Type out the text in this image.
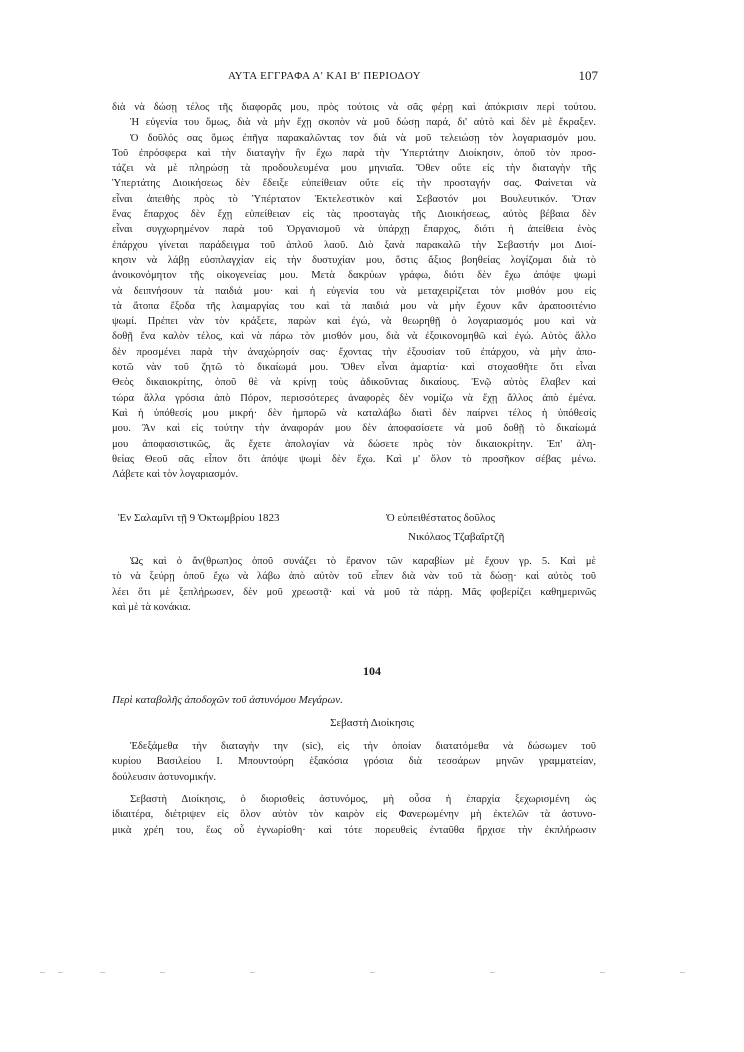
ΑΥΤΑ ΕΓΓΡΑΦΑ Α' ΚΑΙ Β' ΠΕΡΙΟΔΟΥ	107
διὰ νὰ δώσῃ τέλος τῆς διαφορᾶς μου, πρὸς τούτοις νὰ σᾶς φέρῃ καὶ ἀπόκρισιν περὶ τούτου.
Ἡ εὐγενία του ὅμως, διὰ νὰ μὴν ἔχῃ σκοπὸν νὰ μοῦ δώσῃ παρά, δι' αὐτὸ καὶ δὲν μὲ ἔκραξεν.
Ὁ δοῦλός σας ὅμως ἐπῆγα παρακαλῶντας τον διὰ νὰ μοῦ τελειώσῃ τὸν λογαριασμόν μου.
Τοῦ ἐπρόσφερα καὶ τὴν διαταγὴν ἣν ἔχω παρὰ τὴν Ὑπερτάτην Διοίκησιν, ὁποῦ τὸν προσ-
τάζει νὰ μὲ πληρώσῃ τὰ προδουλευμένα μου μηνιαῖα. Ὅθεν οὔτε εἰς τὴν διαταγὴν τῆς
Ὑπερτάτης Διοικήσεως δὲν ἔδειξε εὐπείθειαν οὔτε εἰς τὴν προσταγήν σας. Φαίνεται νὰ
εἶναι ἀπειθὴς πρὸς τὸ Ὑπέρτατον Ἐκτελεστικὸν καὶ Σεβαστόν μοι Βουλευτικόν. Ὅταν
ἕνας ἔπαρχος δὲν ἔχῃ εὐπείθειαν εἰς τὰς προσταγὰς τῆς Διοικήσεως, αὐτὸς βέβαια δὲν
εἶναι συγχωρημένον παρὰ τοῦ Ὀργανισμοῦ νὰ ὑπάρχῃ ἔπαρχος, διότι ἡ ἀπείθεια ἑνὸς
ἐπάρχου γίνεται παράδειγμα τοῦ ἁπλοῦ λαοῦ. Διὸ ξανὰ παρακαλῶ τὴν Σεβαστήν μοι Διοί-
κησιν νὰ λάβῃ εὐσπλαγχίαν εἰς τὴν δυστυχίαν μου, ὅστις ἄξιος βοηθείας λογίζομαι διὰ τὸ
ἀνοικονόμητον τῆς οἰκογενείας μου. Μετὰ δακρύων γράφω, διότι δὲν ἔχω ἀπόψε ψωμὶ
νὰ δειπνήσουν τὰ παιδιά μου· καὶ ἡ εὐγενία του νὰ μεταχειρίζεται τὸν μισθόν μου εἰς
τὰ ἄτοπα ἔξοδα τῆς λαιμαργίας του καὶ τὰ παιδιά μου νὰ μὴν ἔχουν κἂν ἀραποσιτένιο
ψωμί. Πρέπει νὰν τὸν κράξετε, παρὼν καὶ ἐγώ, νὰ θεωρηθῇ ὁ λογαριασμός μου καὶ νὰ
δοθῇ ἕνα καλὸν τέλος, καὶ νὰ πάρω τὸν μισθόν μου, διὰ νὰ ἐξοικονομηθῶ καὶ ἐγώ. Αὐτὸς ἄλλο
δὲν προσμένει παρὰ τὴν ἀναχώρησίν σας· ἔχοντας τὴν ἐξουσίαν τοῦ ἐπάρχου, νὰ μὴν ἀπο-
κοτῶ νὰν τοῦ ζητῶ τὸ δικαίωμά μου. Ὅθεν εἶναι ἁμαρτία· καὶ στοχασθῆτε ὅτι εἶναι
Θεὸς δικαιοκρίτης, ὁποῦ θὲ νὰ κρίνῃ τοὺς ἀδικοῦντας δικαίους. Ἐνῷ αὐτὸς ἔλαβεν καὶ
τώρα ἄλλα γρόσια ἀπὸ Πόρον, περισσότερες ἀναφορὲς δὲν νομίζω νὰ ἔχῃ ἄλλος ἀπὸ ἐμένα.
Καὶ ἡ ὑπόθεσίς μου μικρή· δὲν ἠμπορῶ νὰ καταλάβω διατὶ δὲν παίρνει τέλος ἡ ὑπόθεσίς
μου. Ἂν καὶ εἰς τούτην τὴν ἀναφοράν μου δὲν ἀποφασίσετε νὰ μοῦ δοθῇ τὸ δικαίωμά
μου ἀποφασιστικῶς, ἂς ἔχετε ἀπολογίαν νὰ δώσετε πρὸς τὸν δικαιοκρίτην. Ἐπ' ἀλη-
θείας Θεοῦ σᾶς εἶπον ὅτι ἀπόψε ψωμὶ δὲν ἔχω. Καὶ μ' ὅλον τὸ προσῆκον σέβας μένω.
Λάβετε καὶ τὸν λογαριασμόν.
Ἐν Σαλαμῖνι τῇ 9 Ὀκτωμβρίου 1823	Ὁ εὐπειθέστατος δοῦλος
Νικόλαος Τζαβαΐρτζῆ
Ὡς καὶ ὁ ἄν(θρωπ)ος ὁποῦ συνάζει τὸ ἔρανον τῶν καραβίων μὲ ἔχουν γρ. 5. Καὶ μὲ
τὸ νὰ ξεύρῃ ὁποῦ ἔχω νὰ λάβω ἀπὸ αὐτὸν τοῦ εἶπεν διὰ νὰν τοῦ τὰ δώσῃ· καὶ αὐτὸς τοῦ
λέει ὅτι μὲ ξεπλήρωσεν, δὲν μοῦ χρεωστᾷ· καὶ νὰ μοῦ τὰ πάρῃ. Μᾶς φοβερίζει καθημερινῶς
καὶ μὲ τὰ κονάκια.
104
Περὶ καταβολῆς ἀποδοχῶν τοῦ ἀστυνόμου Μεγάρων.
Σεβαστὴ Διοίκησις
Ἐδεξάμεθα τὴν διαταγὴν την (sic), εἰς τὴν ὁποίαν διατατόμεθα νὰ δώσωμεν τοῦ
κυρίου Βασιλείου Ι. Μπουντούρη ἑξακόσια γρόσια διὰ τεσσάρων μηνῶν γραμματείαν,
δούλευσιν ἀστυνομικήν.
Σεβαστὴ Διοίκησις, ὁ διορισθεὶς ἀστυνόμος, μὴ οὖσα ἡ ἐπαρχία ξεχωρισμένη ὡς
ἰδιαιτέρα, διέτριψεν εἰς ὅλον αὐτὸν τὸν καιρὸν εἰς Φανερωμένην μὴ ἐκτελῶν τὰ ἀστυνο-
μικὰ χρέη του, ἕως οὗ ἐγνωρίσθη· καὶ τότε πορευθεὶς ἐνταῦθα ἤρχισε τὴν ἐκπλήρωσιν
